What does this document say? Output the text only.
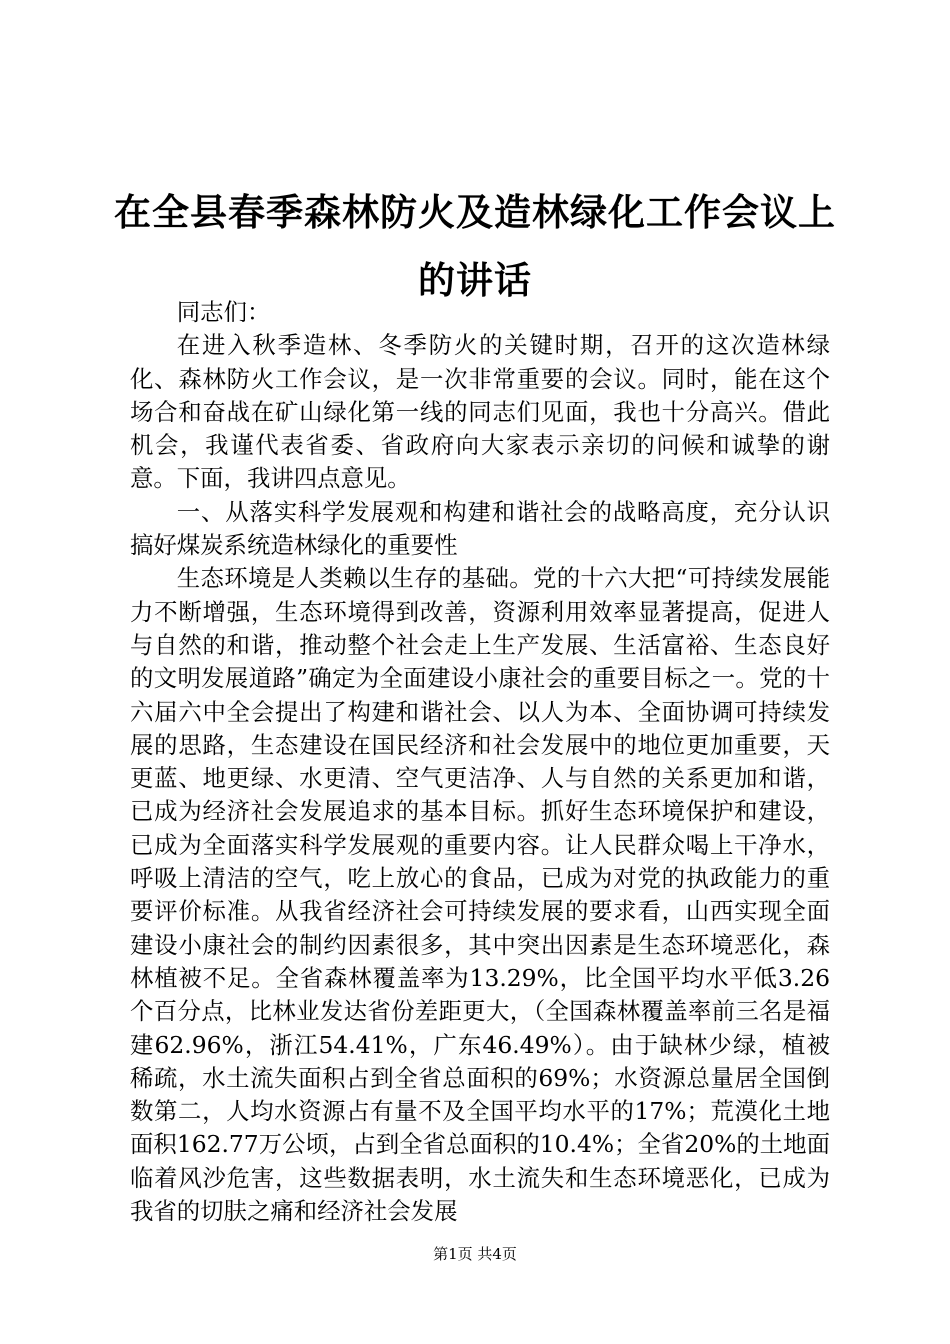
在全县春季森林防火及造林绿化工作会议上的讲话

同志们：

在进入秋季造林、冬季防火的关键时期，召开的这次造林绿化、森林防火工作会议，是一次非常重要的会议。同时，能在这个场合和奋战在矿山绿化第一线的同志们见面，我也十分高兴。借此机会，我谨代表省委、省政府向大家表示亲切的问候和诚挚的谢意。下面，我讲四点意见。

一、从落实科学发展观和构建和谐社会的战略高度，充分认识搞好煤炭系统造林绿化的重要性

生态环境是人类赖以生存的基础。党的十六大把“可持续发展能力不断增强，生态环境得到改善，资源利用效率显著提高，促进人与自然的和谐，推动整个社会走上生产发展、生活富裕、生态良好的文明发展道路”确定为全面建设小康社会的重要目标之一。党的十六届六中全会提出了构建和谐社会、以人为本、全面协调可持续发展的思路，生态建设在国民经济和社会发展中的地位更加重要，天更蓝、地更绿、水更清、空气更洁净、人与自然的关系更加和谐，已成为经济社会发展追求的基本目标。抓好生态环境保护和建设，已成为全面落实科学发展观的重要内容。让人民群众喝上干净水，呼吸上清洁的空气，吃上放心的食品，已成为对党的执政能力的重要评价标准。从我省经济社会可持续发展的要求看，山西实现全面建设小康社会的制约因素很多，其中突出因素是生态环境恶化，森林植被不足。全省森林覆盖率为13.29%，比全国平均水平低3.26个百分点，比林业发达省份差距更大，（全国森林覆盖率前三名是福建62.96%，浙江54.41%，广东46.49%）。由于缺林少绿，植被稀疏，水土流失面积占到全省总面积的69%；水资源总量居全国倒数第二，人均水资源占有量不及全国平均水平的17%；荒漠化土地面积162.77万公顷，占到全省总面积的10.4%；全省20%的土地面临着风沙危害，这些数据表明，水土流失和生态环境恶化，已成为我省的切肤之痛和经济社会发展

第1页 共4页
